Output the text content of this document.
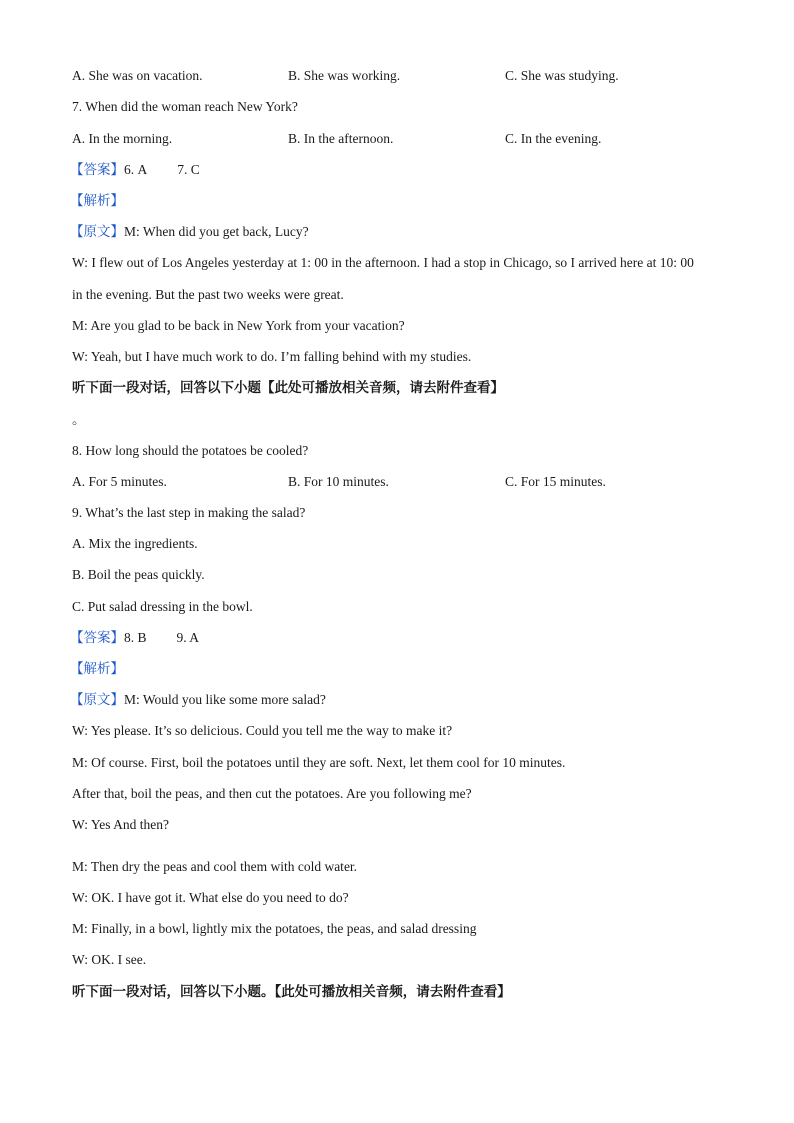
A. She was on vacation.	B. She was working.	C. She was studying.
7. When did the woman reach New York?
A. In the morning.	B. In the afternoon.	C. In the evening.
【答案】6. A 7. C
【解析】
【原文】M: When did you get back, Lucy?
W: I flew out of Los Angeles yesterday at 1: 00 in the afternoon. I had a stop in Chicago, so I arrived here at 10: 00
in the evening. But the past two weeks were great.
M: Are you glad to be back in New York from your vacation?
W: Yeah, but I have much work to do. I’m falling behind with my studies.
听下面一段对话，回答以下小题【此处可播放相关音频，请去附件查看】
。
8. How long should the potatoes be cooled?
A. For 5 minutes.	B. For 10 minutes.	C. For 15 minutes.
9. What’s the last step in making the salad?
A. Mix the ingredients.
B. Boil the peas quickly.
C. Put salad dressing in the bowl.
【答案】8. B 9. A
【解析】
【原文】M: Would you like some more salad?
W: Yes please. It’s so delicious. Could you tell me the way to make it?
M: Of course. First, boil the potatoes until they are soft. Next, let them cool for 10 minutes.
After that, boil the peas, and then cut the potatoes. Are you following me?
W: Yes And then?
M: Then dry the peas and cool them with cold water.
W: OK. I have got it. What else do you need to do?
M: Finally, in a bowl, lightly mix the potatoes, the peas, and salad dressing
W: OK. I see.
听下面一段对话，回答以下小题。【此处可播放相关音频，请去附件查看】
